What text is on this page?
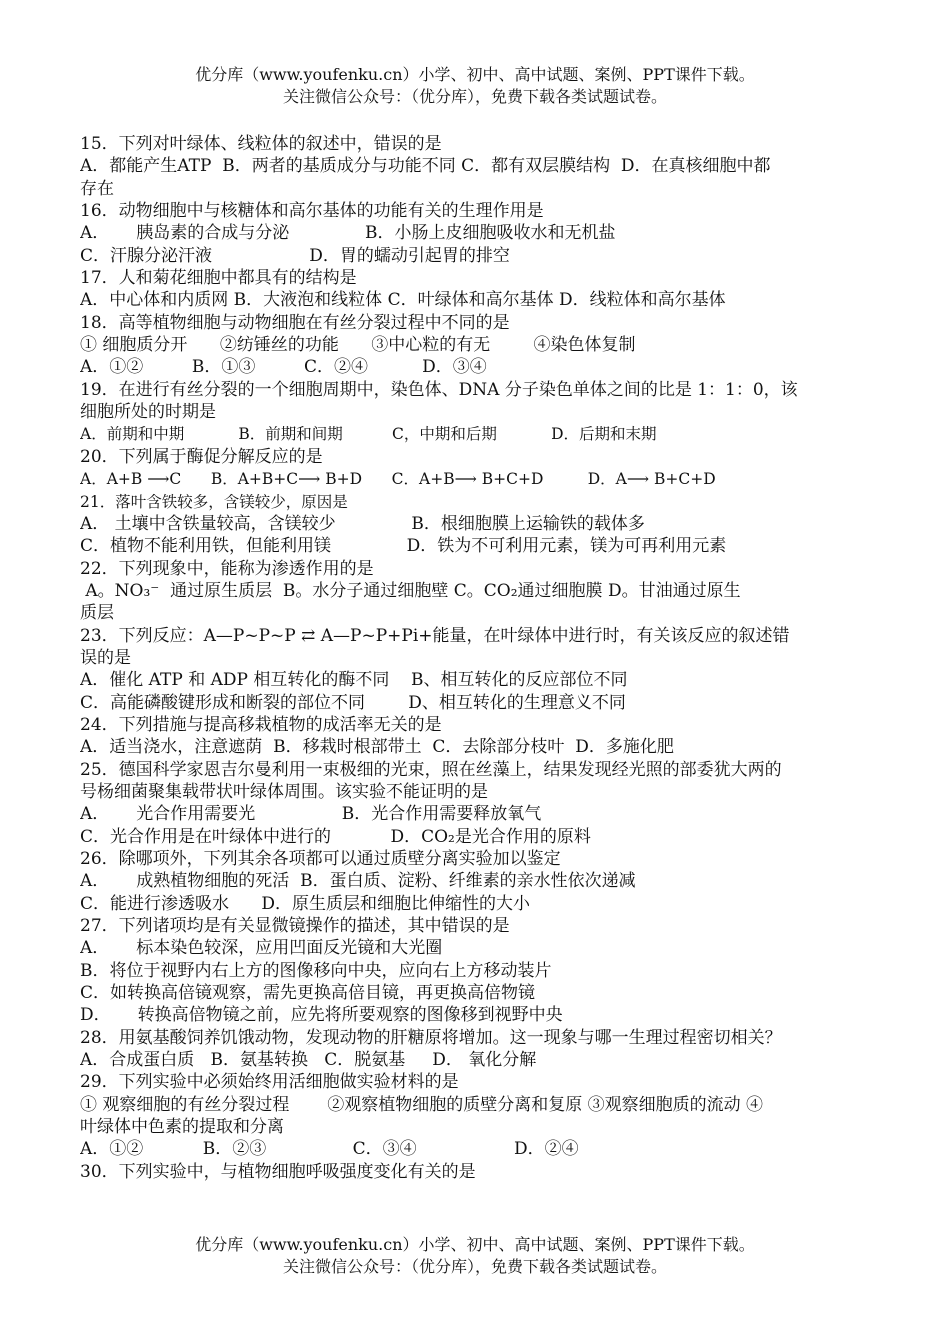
优分库（www.youfenku.cn）小学、初中、高中试题、案例、PPT课件下载。
关注微信公众号：（优分库），免费下载各类试题试卷。
15．下列对叶绿体、线粒体的叙述中，错误的是
A．都能产生ATP  B．两者的基质成分与功能不同 C．都有双层膜结构  D．在真核细胞中都
存在
16．动物细胞中与核糖体和高尔基体的功能有关的生理作用是
A．     胰岛素的合成与分泌              B．小肠上皮细胞吸收水和无机盐
C．汗腺分泌汗液                  D．胃的蠕动引起胃的排空
17．人和菊花细胞中都具有的结构是
A．中心体和内质网 B．大液泡和线粒体 C．叶绿体和高尔基体 D．线粒体和高尔基体
18．高等植物细胞与动物细胞在有丝分裂过程中不同的是
① 细胞质分开      ②纺锤丝的功能      ③中心粒的有无        ④染色体复制
A．①②         B．①③         C．②④          D．③④
19．在进行有丝分裂的一个细胞周期中，染色体、DNA 分子染色单体之间的比是 1：1：0，该
细胞所处的时期是
A．前期和中期           B．前期和间期          C，中期和后期           D．后期和末期
20．下列属于酶促分解反应的是
A．A+B ⟶C      B．A+B+C⟶ B+D      C．A+B⟶ B+C+D         D．A⟶ B+C+D
21．落叶含铁较多，含镁较少，原因是
A． 土壤中含铁量较高，含镁较少              B．根细胞膜上运输铁的载体多
C．植物不能利用铁，但能利用镁              D．铁为不可利用元素，镁为可再利用元素
22．下列现象中，能称为渗透作用的是
A。NO₃⁻  通过原生质层  B。水分子通过细胞壁 C。CO₂通过细胞膜 D。甘油通过原生
质层
23．下列反应：A—P~P~P ⇄ A—P~P+Pi+能量，在叶绿体中进行时，有关该反应的叙述错
误的是
A．催化 ATP 和 ADP 相互转化的酶不同    B、相互转化的反应部位不同
C．高能磷酸键形成和断裂的部位不同        D、相互转化的生理意义不同
24．下列措施与提高移栽植物的成活率无关的是
A．适当浇水，注意遮荫  B．移栽时根部带土  C．去除部分枝叶  D．多施化肥
25．德国科学家恩吉尔曼利用一束极细的光束，照在丝藻上，结果发现经光照的部委犹大两的
号杨细菌聚集载带状叶绿体周围。该实验不能证明的是
A．     光合作用需要光                B．光合作用需要释放氧气
C．光合作用是在叶绿体中进行的           D．CO₂是光合作用的原料
26．除哪项外，下列其余各项都可以通过质壁分离实验加以鉴定
A．     成熟植物细胞的死活  B．蛋白质、淀粉、纤维素的亲水性依次递减
C．能进行渗透吸水      D．原生质层和细胞比伸缩性的大小
27．下列诸项均是有关显微镜操作的描述，其中错误的是
A．     标本染色较深，应用凹面反光镜和大光圈
B．将位于视野内右上方的图像移向中央，应向右上方移动装片
C．如转换高倍镜观察，需先更换高倍目镜，再更换高倍物镜
D．     转换高倍物镜之前，应先将所要观察的图像移到视野中央
28．用氨基酸饲养饥饿动物，发现动物的肝糖原将增加。这一现象与哪一生理过程密切相关？
A．合成蛋白质   B．氨基转换   C．脱氨基     D． 氧化分解
29．下列实验中必须始终用活细胞做实验材料的是
① 观察细胞的有丝分裂过程       ②观察植物细胞的质壁分离和复原 ③观察细胞质的流动 ④
叶绿体中色素的提取和分离
A．①②           B．②③                C．③④                  D．②④
30．下列实验中，与植物细胞呼吸强度变化有关的是
优分库（www.youfenku.cn）小学、初中、高中试题、案例、PPT课件下载。
关注微信公众号：（优分库），免费下载各类试题试卷。
